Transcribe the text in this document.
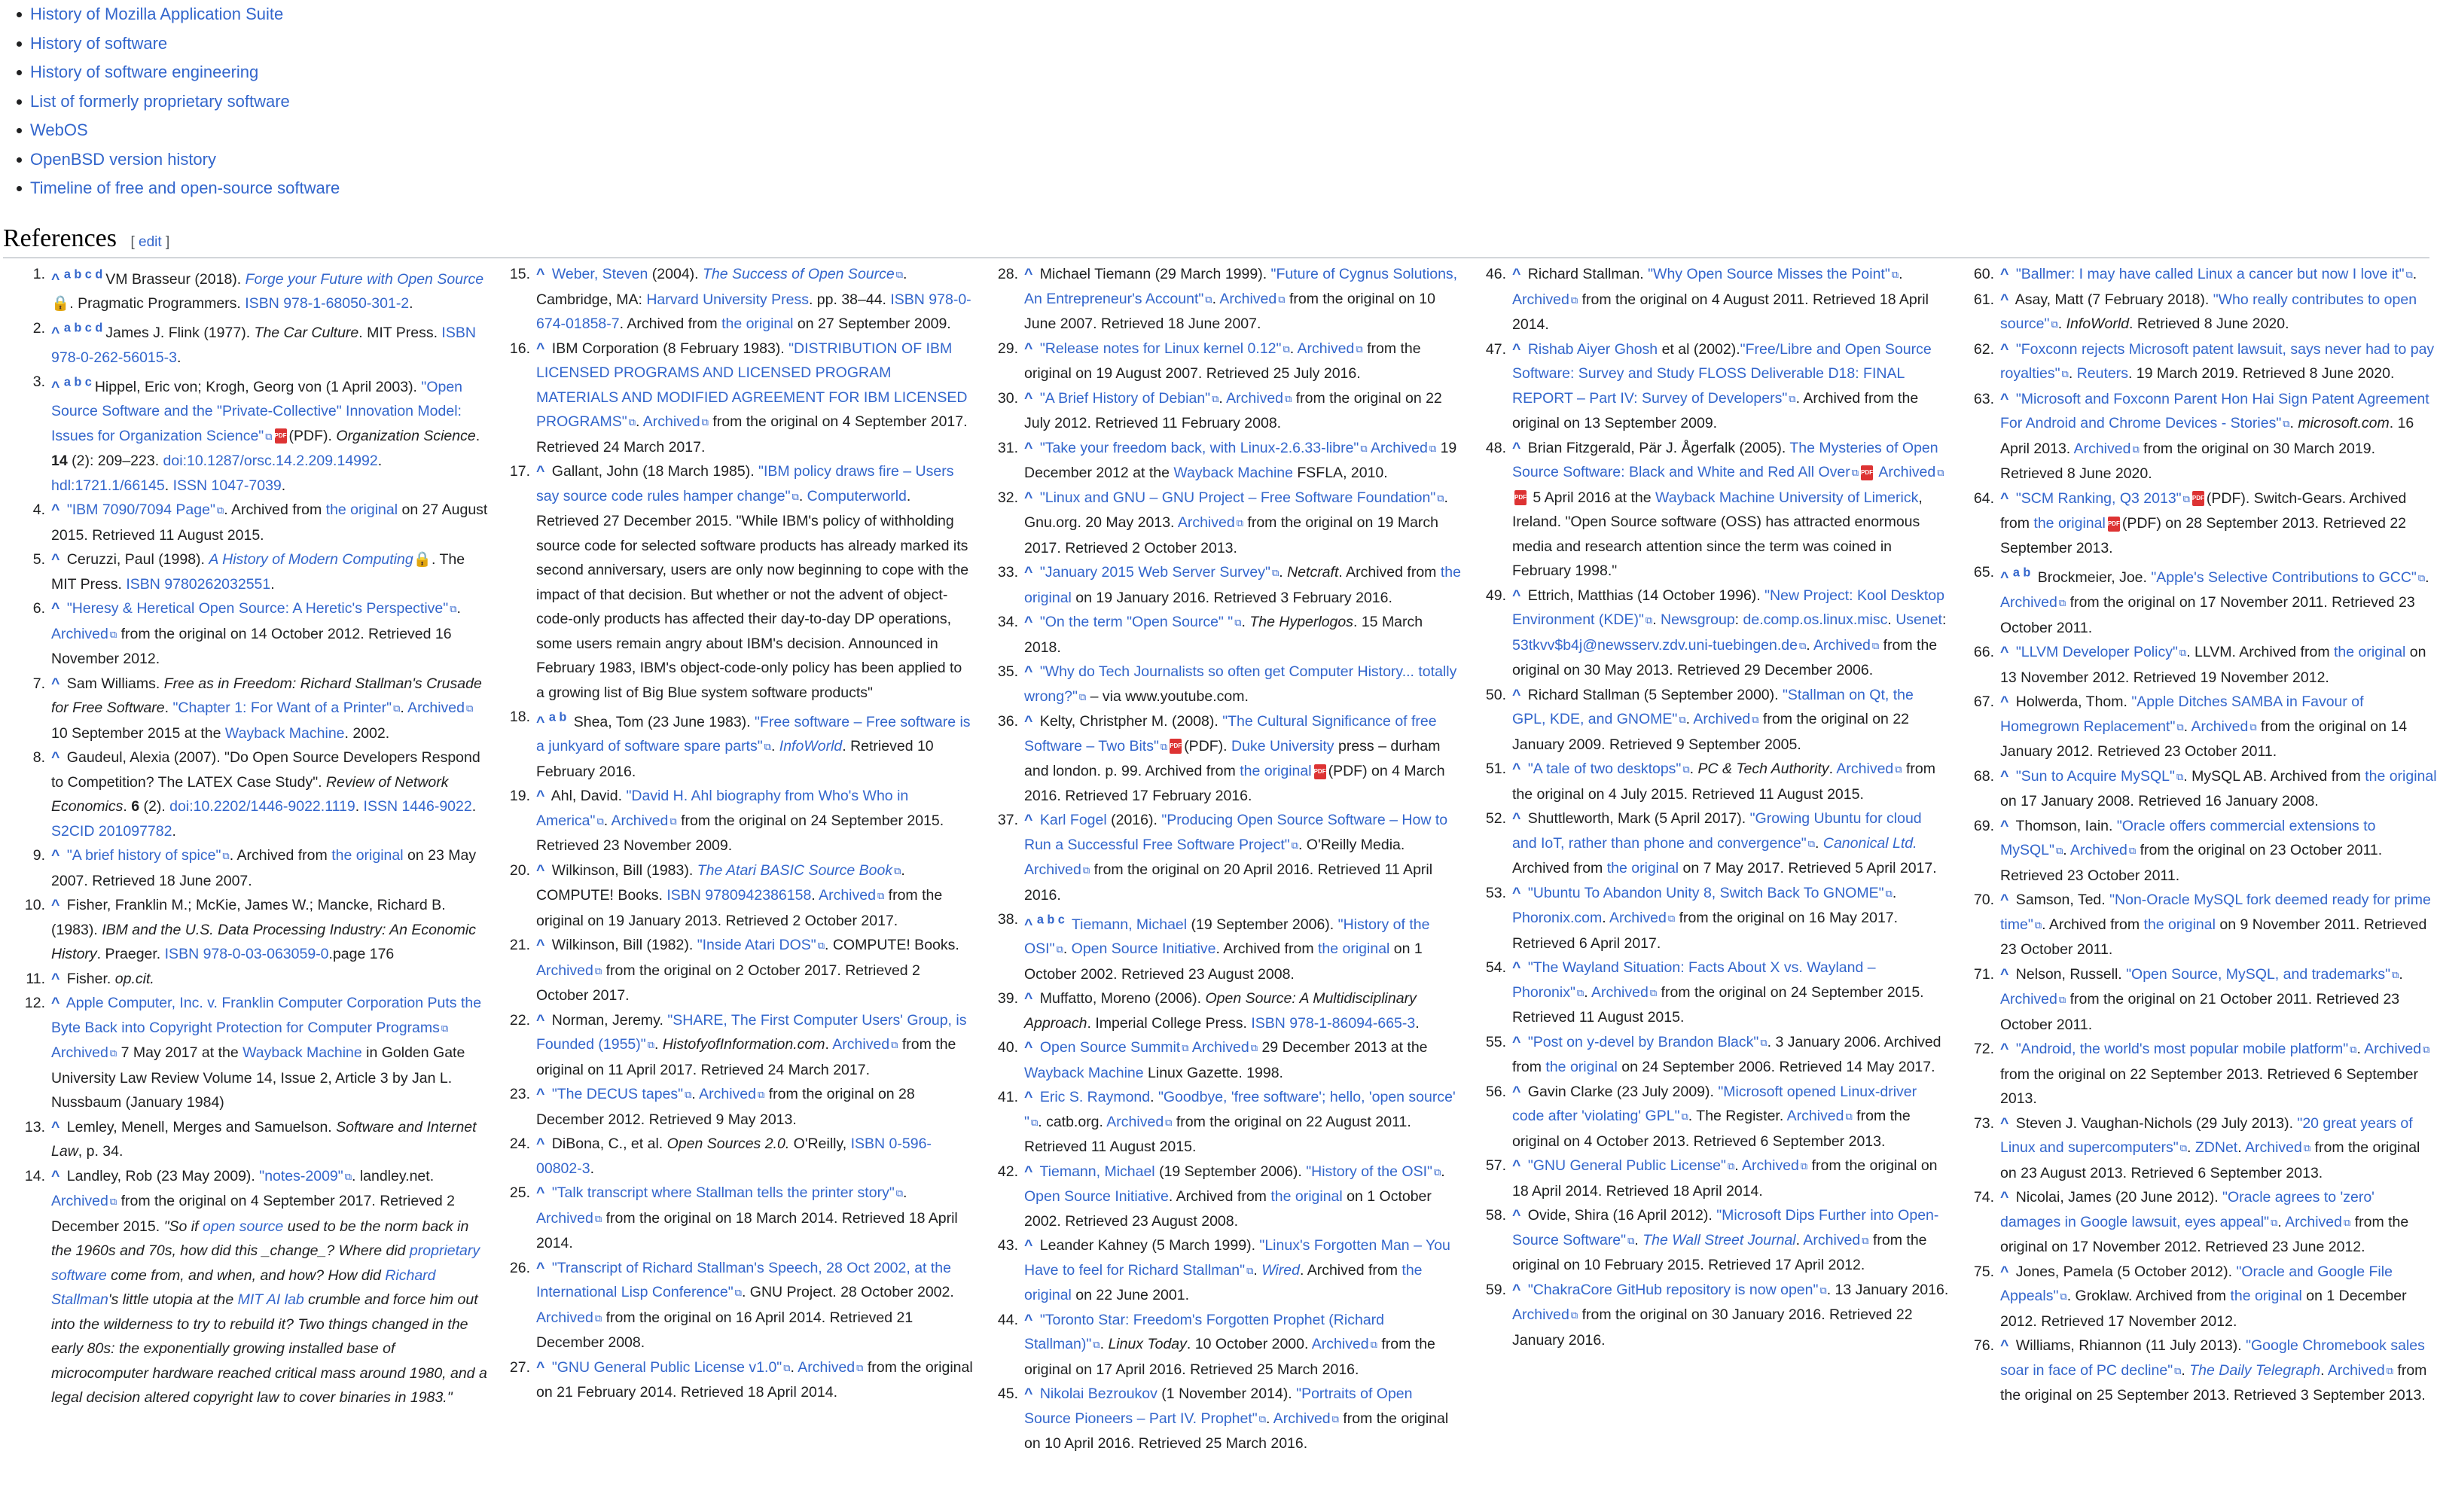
History of Mozilla Application Suite
History of software
History of software engineering
List of formerly proprietary software
WebOS
OpenBSD version history
Timeline of free and open-source software
References [ edit ]
1. ^ $^{a b c d}$ VM Brasseur (2018). Forge your Future with Open Source🔒. Pragmatic Programmers. ISBN 978-1-68050-301-2.
2. ^ $^{a b c d}$ James J. Flink (1977). The Car Culture. MIT Press. ISBN 978-0-262-56015-3.
3. ^ $^{a b c}$ Hippel, Eric von; Krogh, Georg von (1 April 2003). "Open Source Software and the "Private-Collective" Innovation Model: Issues for Organization Science" ⧉ PDF (PDF). Organization Science. 14 (2): 209–223. doi:10.1287/orsc.14.2.209.14992. hdl:1721.1/66145. ISSN 1047-7039.
4. ^ "IBM 7090/7094 Page" ⧉ . Archived from the original on 27 August 2015. Retrieved 11 August 2015.
5. ^ Ceruzzi, Paul (1998). A History of Modern Computing🔒. The MIT Press. ISBN 9780262032551.
6. ^ "Heresy & Heretical Open Source: A Heretic's Perspective" ⧉ . Archived ⧉ from the original on 14 October 2012. Retrieved 16 November 2012.
7. ^ Sam Williams. Free as in Freedom: Richard Stallman's Crusade for Free Software. "Chapter 1: For Want of a Printer" ⧉ . Archived ⧉ 10 September 2015 at the Wayback Machine. 2002.
8. ^ Gaudeul, Alexia (2007). "Do Open Source Developers Respond to Competition? The LATEX Case Study". Review of Network Economics. 6 (2). doi:10.2202/1446-9022.1119. ISSN 1446-9022. S2CID 201097782.
9. ^ "A brief history of spice" ⧉ . Archived from the original on 23 May 2007. Retrieved 18 June 2007.
10. ^ Fisher, Franklin M.; McKie, James W.; Mancke, Richard B. (1983). IBM and the U.S. Data Processing Industry: An Economic History. Praeger. ISBN 978-0-03-063059-0.page 176
11. ^ Fisher. op.cit.
12. ^ Apple Computer, Inc. v. Franklin Computer Corporation Puts the Byte Back into Copyright Protection for Computer Programs ⧉ Archived ⧉ 7 May 2017 at the Wayback Machine in Golden Gate University Law Review Volume 14, Issue 2, Article 3 by Jan L. Nussbaum (January 1984)
13. ^ Lemley, Menell, Merges and Samuelson. Software and Internet Law, p. 34.
14. ^ Landley, Rob (23 May 2009). "notes-2009" ⧉ . landley.net. Archived ⧉ from the original on 4 September 2017. Retrieved 2 December 2015. "So if open source used to be the norm back in the 1960s and 70s, how did this _change_? Where did proprietary software come from, and when, and how? How did Richard Stallman's little utopia at the MIT AI lab crumble and force him out into the wilderness to try to rebuild it? Two things changed in the early 80s: the exponentially growing installed base of microcomputer hardware reached critical mass around 1980, and a legal decision altered copyright law to cover binaries in 1983."
15. ^ Weber, Steven (2004). The Success of Open Source ⧉ . Cambridge, MA: Harvard University Press. pp. 38–44. ISBN 978-0-674-01858-7. Archived from the original on 27 September 2009.
16. ^ IBM Corporation (8 February 1983). "DISTRIBUTION OF IBM LICENSED PROGRAMS AND LICENSED PROGRAM MATERIALS AND MODIFIED AGREEMENT FOR IBM LICENSED PROGRAMS" ⧉ . Archived ⧉ from the original on 4 September 2017. Retrieved 24 March 2017.
17. ^ Gallant, John (18 March 1985). "IBM policy draws fire – Users say source code rules hamper change" ⧉ . Computerworld. Retrieved 27 December 2015. "While IBM's policy of withholding source code for selected software products has already marked its second anniversary, users are only now beginning to cope with the impact of that decision. But whether or not the advent of object-code-only products has affected their day-to-day DP operations, some users remain angry about IBM's decision. Announced in February 1983, IBM's object-code-only policy has been applied to a growing list of Big Blue system software products"
18. ^ $^{a b}$ Shea, Tom (23 June 1983). "Free software – Free software is a junkyard of software spare parts" ⧉ . InfoWorld. Retrieved 10 February 2016.
19. ^ Ahl, David. "David H. Ahl biography from Who's Who in America" ⧉ . Archived ⧉ from the original on 24 September 2015. Retrieved 23 November 2009.
20. ^ Wilkinson, Bill (1983). The Atari BASIC Source Book ⧉ . COMPUTE! Books. ISBN 9780942386158. Archived ⧉ from the original on 19 January 2013. Retrieved 2 October 2017.
21. ^ Wilkinson, Bill (1982). "Inside Atari DOS" ⧉ . COMPUTE! Books. Archived ⧉ from the original on 2 October 2017. Retrieved 2 October 2017.
22. ^ Norman, Jeremy. "SHARE, The First Computer Users' Group, is Founded (1955)" ⧉ . HistofyofInformation.com. Archived ⧉ from the original on 11 April 2017. Retrieved 24 March 2017.
23. ^ "The DECUS tapes" ⧉ . Archived ⧉ from the original on 28 December 2012. Retrieved 9 May 2013.
24. ^ DiBona, C., et al. Open Sources 2.0. O'Reilly, ISBN 0-596-00802-3.
25. ^ "Talk transcript where Stallman tells the printer story" ⧉ . Archived ⧉ from the original on 18 March 2014. Retrieved 18 April 2014.
26. ^ "Transcript of Richard Stallman's Speech, 28 Oct 2002, at the International Lisp Conference" ⧉ . GNU Project. 28 October 2002. Archived ⧉ from the original on 16 April 2014. Retrieved 21 December 2008.
27. ^ "GNU General Public License v1.0" ⧉ . Archived ⧉ from the original on 21 February 2014. Retrieved 18 April 2014.
28. ^ Michael Tiemann (29 March 1999). "Future of Cygnus Solutions, An Entrepreneur's Account" ⧉ . Archived ⧉ from the original on 10 June 2007. Retrieved 18 June 2007.
29. ^ "Release notes for Linux kernel 0.12" ⧉ . Archived ⧉ from the original on 19 August 2007. Retrieved 25 July 2016.
30. ^ "A Brief History of Debian" ⧉ . Archived ⧉ from the original on 22 July 2012. Retrieved 11 February 2008.
31. ^ "Take your freedom back, with Linux-2.6.33-libre" ⧉ Archived ⧉ 19 December 2012 at the Wayback Machine FSFLA, 2010.
32. ^ "Linux and GNU – GNU Project – Free Software Foundation" ⧉ . Gnu.org. 20 May 2013. Archived ⧉ from the original on 19 March 2017. Retrieved 2 October 2013.
33. ^ "January 2015 Web Server Survey" ⧉ . Netcraft. Archived from the original on 19 January 2016. Retrieved 3 February 2016.
34. ^ "On the term "Open Source" " ⧉ . The Hyperlogos. 15 March 2018.
35. ^ "Why do Tech Journalists so often get Computer History... totally wrong?" ⧉ – via www.youtube.com.
36. ^ Kelty, Christpher M. (2008). "The Cultural Significance of free Software – Two Bits" ⧉ PDF (PDF). Duke University press – durham and london. p. 99. Archived from the original PDF (PDF) on 4 March 2016. Retrieved 17 February 2016.
37. ^ Karl Fogel (2016). "Producing Open Source Software – How to Run a Successful Free Software Project" ⧉ . O'Reilly Media. Archived ⧉ from the original on 20 April 2016. Retrieved 11 April 2016.
38. ^ $^{a b c}$ Tiemann, Michael (19 September 2006). "History of the OSI" ⧉ . Open Source Initiative. Archived from the original on 1 October 2002. Retrieved 23 August 2008.
39. ^ Muffatto, Moreno (2006). Open Source: A Multidisciplinary Approach. Imperial College Press. ISBN 978-1-86094-665-3.
40. ^ Open Source Summit ⧉ Archived ⧉ 29 December 2013 at the Wayback Machine Linux Gazette. 1998.
41. ^ Eric S. Raymond. "Goodbye, 'free software'; hello, 'open source' " ⧉ . catb.org. Archived ⧉ from the original on 22 August 2011. Retrieved 11 August 2015.
42. ^ Tiemann, Michael (19 September 2006). "History of the OSI" ⧉ . Open Source Initiative. Archived from the original on 1 October 2002. Retrieved 23 August 2008.
43. ^ Leander Kahney (5 March 1999). "Linux's Forgotten Man – You Have to feel for Richard Stallman" ⧉ . Wired. Archived from the original on 22 June 2001.
44. ^ "Toronto Star: Freedom's Forgotten Prophet (Richard Stallman)" ⧉ . Linux Today. 10 October 2000. Archived ⧉ from the original on 17 April 2016. Retrieved 25 March 2016.
45. ^ Nikolai Bezroukov (1 November 2014). "Portraits of Open Source Pioneers – Part IV. Prophet" ⧉ . Archived ⧉ from the original on 10 April 2016. Retrieved 25 March 2016.
46. ^ Richard Stallman. "Why Open Source Misses the Point" ⧉ . Archived ⧉ from the original on 4 August 2011. Retrieved 18 April 2014.
47. ^ Rishab Aiyer Ghosh et al (2002)."Free/Libre and Open Source Software: Survey and Study FLOSS Deliverable D18: FINAL REPORT – Part IV: Survey of Developers" ⧉ . Archived from the original on 13 September 2009.
48. ^ Brian Fitzgerald, Pär J. Ågerfalk (2005). The Mysteries of Open Source Software: Black and White and Red All Over ⧉ PDF Archived ⧉PDF 5 April 2016 at the Wayback Machine University of Limerick, Ireland. "Open Source software (OSS) has attracted enormous media and research attention since the term was coined in February 1998."
49. ^ Ettrich, Matthias (14 October 1996). "New Project: Kool Desktop Environment (KDE)" ⧉ . Newsgroup: de.comp.os.linux.misc. Usenet: 53tkvv$b4j@newsserv.zdv.uni-tuebingen.de ⧉ . Archived ⧉ from the original on 30 May 2013. Retrieved 29 December 2006.
50. ^ Richard Stallman (5 September 2000). "Stallman on Qt, the GPL, KDE, and GNOME" ⧉ . Archived ⧉ from the original on 22 January 2009. Retrieved 9 September 2005.
51. ^ "A tale of two desktops" ⧉ . PC & Tech Authority. Archived ⧉ from the original on 4 July 2015. Retrieved 11 August 2015.
52. ^ Shuttleworth, Mark (5 April 2017). "Growing Ubuntu for cloud and IoT, rather than phone and convergence" ⧉ . Canonical Ltd. Archived from the original on 7 May 2017. Retrieved 5 April 2017.
53. ^ "Ubuntu To Abandon Unity 8, Switch Back To GNOME" ⧉ . Phoronix.com. Archived ⧉ from the original on 16 May 2017. Retrieved 6 April 2017.
54. ^ "The Wayland Situation: Facts About X vs. Wayland – Phoronix" ⧉ . Archived ⧉ from the original on 24 September 2015. Retrieved 11 August 2015.
55. ^ "Post on y-devel by Brandon Black" ⧉ . 3 January 2006. Archived from the original on 24 September 2006. Retrieved 14 May 2017.
56. ^ Gavin Clarke (23 July 2009). "Microsoft opened Linux-driver code after 'violating' GPL" ⧉ . The Register. Archived ⧉ from the original on 4 October 2013. Retrieved 6 September 2013.
57. ^ "GNU General Public License" ⧉ . Archived ⧉ from the original on 18 April 2014. Retrieved 18 April 2014.
58. ^ Ovide, Shira (16 April 2012). "Microsoft Dips Further into Open-Source Software" ⧉ . The Wall Street Journal. Archived ⧉ from the original on 10 February 2015. Retrieved 17 April 2012.
59. ^ "ChakraCore GitHub repository is now open" ⧉ . 13 January 2016. Archived ⧉ from the original on 30 January 2016. Retrieved 22 January 2016.
60. ^ "Ballmer: I may have called Linux a cancer but now I love it" ⧉ .
61. ^ Asay, Matt (7 February 2018). "Who really contributes to open source" ⧉ . InfoWorld. Retrieved 8 June 2020.
62. ^ "Foxconn rejects Microsoft patent lawsuit, says never had to pay royalties" ⧉ . Reuters. 19 March 2019. Retrieved 8 June 2020.
63. ^ "Microsoft and Foxconn Parent Hon Hai Sign Patent Agreement For Android and Chrome Devices - Stories" ⧉ . microsoft.com. 16 April 2013. Archived ⧉ from the original on 30 March 2019. Retrieved 8 June 2020.
64. ^ "SCM Ranking, Q3 2013" ⧉ PDF (PDF). Switch-Gears. Archived from the original PDF (PDF) on 28 September 2013. Retrieved 22 September 2013.
65. ^ $^{a b}$ Brockmeier, Joe. "Apple's Selective Contributions to GCC" ⧉ . Archived ⧉ from the original on 17 November 2011. Retrieved 23 October 2011.
66. ^ "LLVM Developer Policy" ⧉ . LLVM. Archived from the original on 13 November 2012. Retrieved 19 November 2012.
67. ^ Holwerda, Thom. "Apple Ditches SAMBA in Favour of Homegrown Replacement" ⧉ . Archived ⧉ from the original on 14 January 2012. Retrieved 23 October 2011.
68. ^ "Sun to Acquire MySQL" ⧉ . MySQL AB. Archived from the original on 17 January 2008. Retrieved 16 January 2008.
69. ^ Thomson, Iain. "Oracle offers commercial extensions to MySQL" ⧉ . Archived ⧉ from the original on 23 October 2011. Retrieved 23 October 2011.
70. ^ Samson, Ted. "Non-Oracle MySQL fork deemed ready for prime time" ⧉ . Archived from the original on 9 November 2011. Retrieved 23 October 2011.
71. ^ Nelson, Russell. "Open Source, MySQL, and trademarks" ⧉ . Archived ⧉ from the original on 21 October 2011. Retrieved 23 October 2011.
72. ^ "Android, the world's most popular mobile platform" ⧉ . Archived ⧉ from the original on 22 September 2013. Retrieved 6 September 2013.
73. ^ Steven J. Vaughan-Nichols (29 July 2013). "20 great years of Linux and supercomputers" ⧉ . ZDNet. Archived ⧉ from the original on 23 August 2013. Retrieved 6 September 2013.
74. ^ Nicolai, James (20 June 2012). "Oracle agrees to 'zero' damages in Google lawsuit, eyes appeal" ⧉ . Archived ⧉ from the original on 17 November 2012. Retrieved 23 June 2012.
75. ^ Jones, Pamela (5 October 2012). "Oracle and Google File Appeals" ⧉ . Groklaw. Archived from the original on 1 December 2012. Retrieved 17 November 2012.
76. ^ Williams, Rhiannon (11 July 2013). "Google Chromebook sales soar in face of PC decline" ⧉ . The Daily Telegraph. Archived ⧉ from the original on 25 September 2013. Retrieved 3 September 2013.
